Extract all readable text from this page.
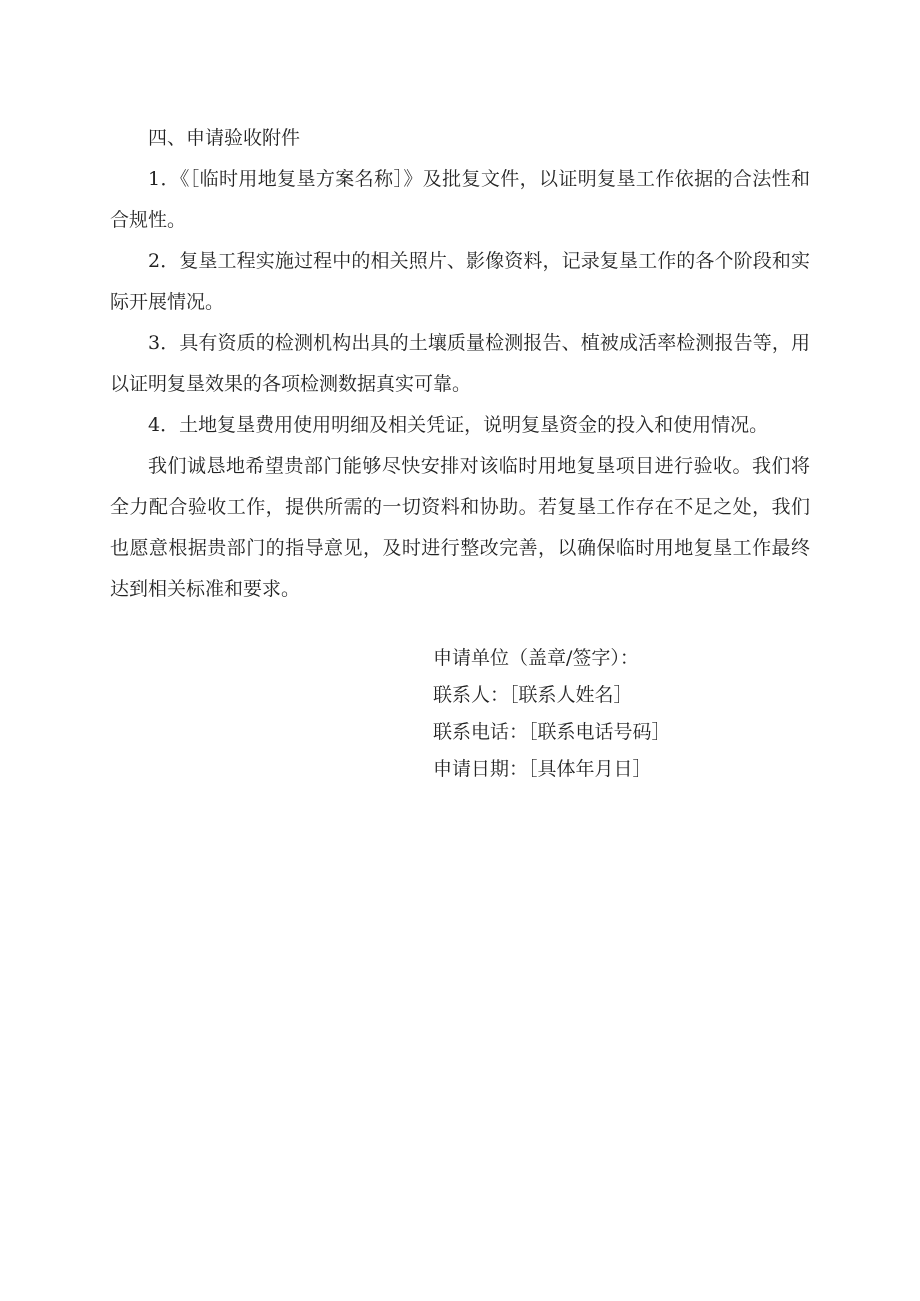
四、申请验收附件

1．《［临时用地复垦方案名称］》及批复文件，以证明复垦工作依据的合法性和合规性。

2．复垦工程实施过程中的相关照片、影像资料，记录复垦工作的各个阶段和实际开展情况。

3．具有资质的检测机构出具的土壤质量检测报告、植被成活率检测报告等，用以证明复垦效果的各项检测数据真实可靠。

4．土地复垦费用使用明细及相关凭证，说明复垦资金的投入和使用情况。

我们诚恳地希望贵部门能够尽快安排对该临时用地复垦项目进行验收。我们将全力配合验收工作，提供所需的一切资料和协助。若复垦工作存在不足之处，我们也愿意根据贵部门的指导意见，及时进行整改完善，以确保临时用地复垦工作最终达到相关标准和要求。

申请单位（盖章/签字）：

联系人：［联系人姓名］

联系电话：［联系电话号码］

申请日期：［具体年月日］
